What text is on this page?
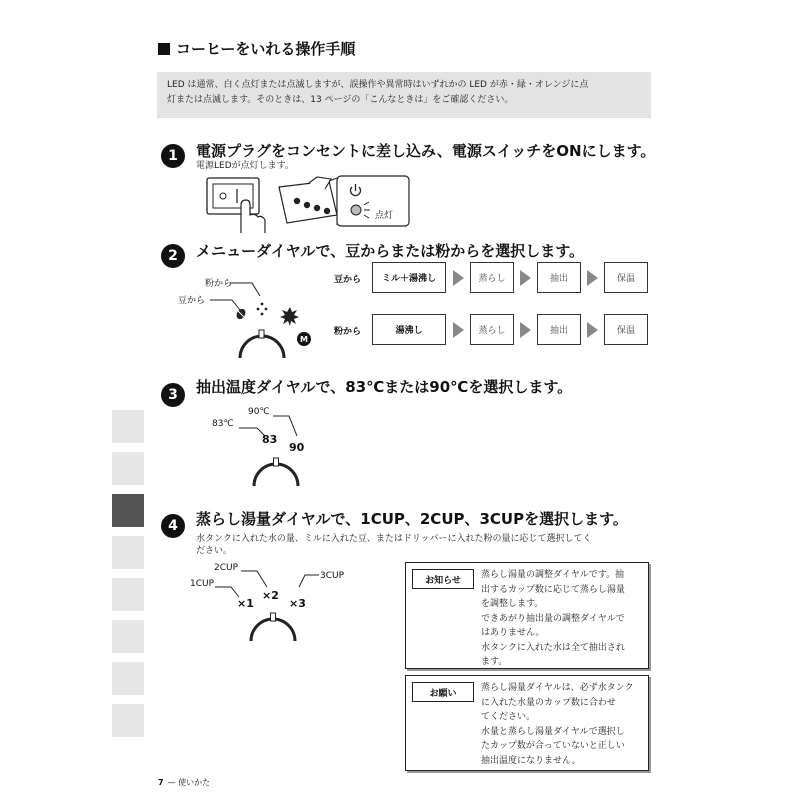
コーヒーをいれる操作手順
LED は通常、白く点灯または点滅しますが、誤操作や異常時はいずれかの LED が赤・緑・オレンジに点
灯または点滅します。そのときは、13 ページの「こんなときは」をご確認ください。
1	電源プラグをコンセントに差し込み、電源スイッチをONにします。
電源LEDが点灯します。
点灯
2	メニューダイヤルで、豆からまたは粉からを選択します。
粉から
豆から
M
豆から	ミル＋湯沸し	蒸らし	抽出	保温
粉から	湯沸し	蒸らし	抽出	保温
3	抽出温度ダイヤルで、83℃または90℃を選択します。
90℃
83℃
83
90
4	蒸らし湯量ダイヤルで、1CUP、2CUP、3CUPを選択します。
水タンクに入れた水の量、ミルに入れた豆、またはドリッパーに入れた粉の量に応じて選択してく
ださい。
2CUP
3CUP
1CUP
×1
×2
×3
お知らせ
蒸らし湯量の調整ダイヤルです。抽
出するカップ数に応じて蒸らし湯量
を調整します。
できあがり抽出量の調整ダイヤルで
はありません。
水タンクに入れた水は全て抽出され
ます。
お願い
蒸らし湯量ダイヤルは、必ず水タンク
に入れた水量のカップ数に合わせ
てください。
水量と蒸らし湯量ダイヤルで選択し
たカップ数が合っていないと正しい
抽出温度になりません。
7 — 使いかた
